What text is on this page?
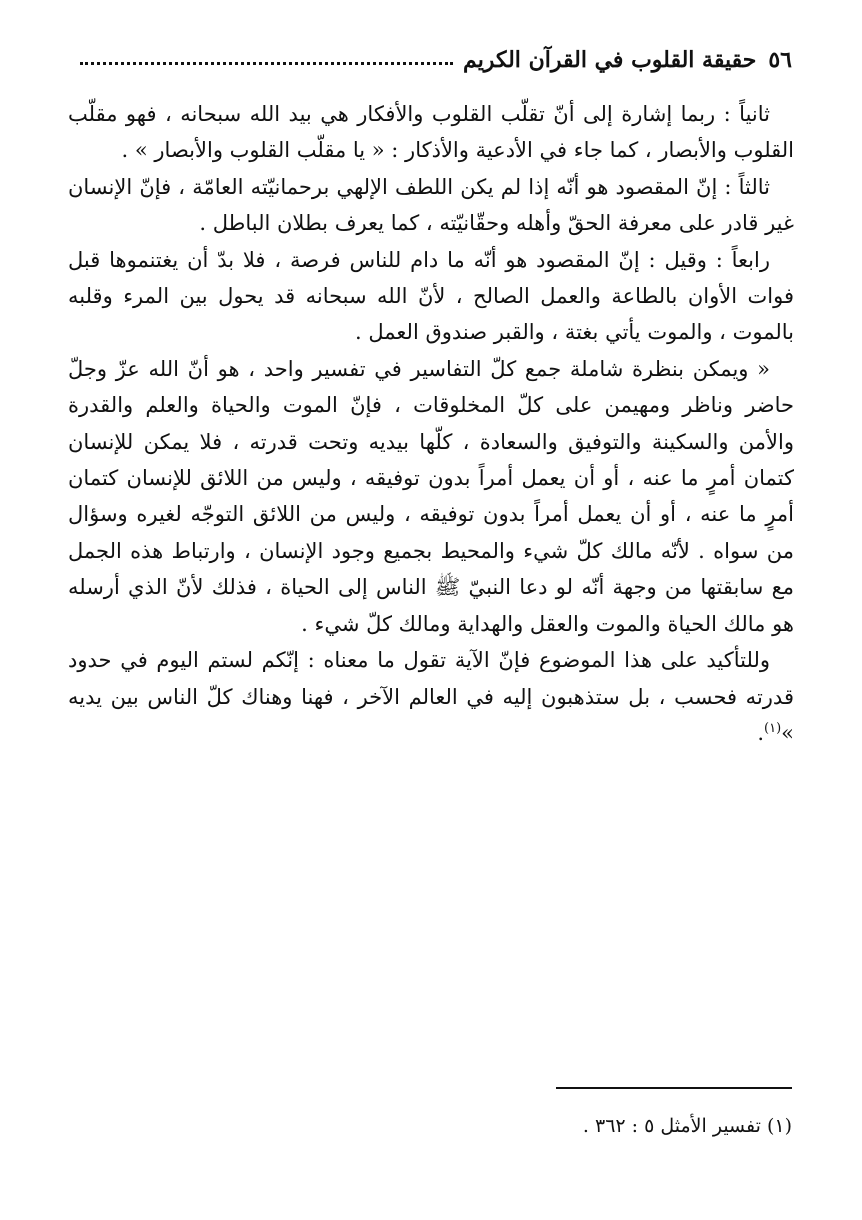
٥٦
حقيقة القلوب في القرآن الكريم

ثانياً : ربما إشارة إلى أنّ تقلّب القلوب والأفكار هي بيد الله سبحانه ، فهو مقلّب القلوب والأبصار ، كما جاء في الأدعية والأذكار : « يا مقلّب القلوب والأبصار » .

ثالثاً : إنّ المقصود هو أنّه إذا لم يكن اللطف الإلهي برحمانيّته العامّة ، فإنّ الإنسان غير قادر على معرفة الحقّ وأهله وحقّانيّته ، كما يعرف بطلان الباطل .

رابعاً : وقيل : إنّ المقصود هو أنّه ما دام للناس فرصة ، فلا بدّ أن يغتنموها قبل فوات الأوان بالطاعة والعمل الصالح ، لأنّ الله سبحانه قد يحول بين المرء وقلبه بالموت ، والموت يأتي بغتة ، والقبر صندوق العمل .

« ويمكن بنظرة شاملة جمع كلّ التفاسير في تفسير واحد ، هو أنّ الله عزّ وجلّ حاضر وناظر ومهيمن على كلّ المخلوقات ، فإنّ الموت والحياة والعلم والقدرة والأمن والسكينة والتوفيق والسعادة ، كلّها بيديه وتحت قدرته ، فلا يمكن للإنسان كتمان أمرٍ ما عنه ، أو أن يعمل أمراً بدون توفيقه ، وليس من اللائق للإنسان كتمان أمرٍ ما عنه ، أو أن يعمل أمراً بدون توفيقه ، وليس من اللائق التوجّه لغيره وسؤال من سواه . لأنّه مالك كلّ شيء والمحيط بجميع وجود الإنسان ، وارتباط هذه الجمل مع سابقتها من وجهة أنّه لو دعا النبيّ ﷺ الناس إلى الحياة ، فذلك لأنّ الذي أرسله هو مالك الحياة والموت والعقل والهداية ومالك كلّ شيء .

وللتأكيد على هذا الموضوع فإنّ الآية تقول ما معناه : إنّكم لستم اليوم في حدود قدرته فحسب ، بل ستذهبون إليه في العالم الآخر ، فهنا وهناك كلّ الناس بين يديه »$^{(١)}$.

(١) تفسير الأمثل ٥ : ٣٦٢ .
